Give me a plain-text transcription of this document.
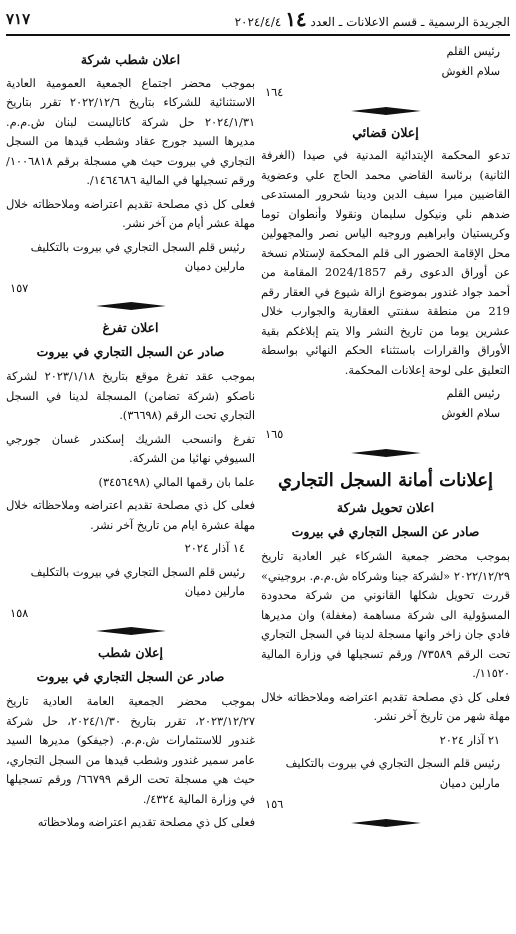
الجريدة الرسمية ـ قسم الاعلانات ـ العدد ١٤ ٢٠٢٤/٤/٤
٧١٧

رئيس القلم

سلام الغوش

١٦٤

إعلان قضائي

تدعو المحكمة الإبتدائية المدنية في صيدا (الغرفة الثانية) برئاسة القاضي محمد الحاج علي وعضوية القاضيين ميرا سيف الدين ودينا شحرور المستدعى ضدهم نلي ونيكول سليمان ونقولا وأنطوان توما وكريستيان وابراهيم وروجيه الياس نصر والمجهولين محل الإقامة الحضور الى قلم المحكمة لإستلام نسخة عن أوراق الدعوى رقم 2024/1857 المقامة من أحمد جواد غندور بموضوع ازالة شيوع في العقار رقم 219 من منطقة سفنتي العقارية والجوارب خلال عشرين يوما من تاريخ النشر والا يتم إبلاغكم بقية الأوراق والقرارات باستثناء الحكم النهائي بواسطة التعليق على لوحة إعلانات المحكمة.

رئيس القلم

سلام الغوش

١٦٥

إعلانات أمانة السجل التجاري
اعلان تحويل شركة
صادر عن السجل التجاري في بيروت

بموجب محضر جمعية الشركاء غير العادية تاريخ ٢٠٢٢/١٢/٢٩ «لشركة جينا وشركاه ش.م.م. بروجيني» قررت تحويل شكلها القانوني من شركة محدودة المسؤولية الى شركة مساهمة (مغفلة) وان مديرها فادي جان زاخر وانها مسجلة لدينا في السجل التجاري تحت الرقم ٧٣٥٨٩/ ورقم تسجيلها في وزارة المالية ١١٥٢٠/.

فعلى كل ذي مصلحة تقديم اعتراضه وملاحظاته خلال مهلة شهر من تاريخ آخر نشر.

٢١ آذار ٢٠٢٤

رئيس قلم السجل التجاري في بيروت بالتكليف

مارلين دميان

١٥٦

اعلان شطب شركة

بموجب محضر اجتماع الجمعية العمومية العادية الاستثنائية للشركاء بتاريخ ٢٠٢٢/١٢/٦ تقرر بتاريخ ٢٠٢٤/١/٣١ حل شركة كاتاليست لبنان ش.م.م. مديرها السيد جورج عقاد وشطب قيدها من السجل التجاري في بيروت حيث هي مسجلة برقم ١٠٠٦٨١٨/ ورقم تسجيلها في المالية ١٤٦٤٦٨٦/.

فعلى كل ذي مصلحة تقديم اعتراضه وملاحظاته خلال مهلة عشر أيام من آخر نشر.

رئيس قلم السجل التجاري في بيروت بالتكليف

مارلين دميان

١٥٧

اعلان تفرغ
صادر عن السجل التجاري في بيروت

بموجب عقد تفرغ موقع بتاريخ ٢٠٢٣/١/١٨ لشركة ناصكو (شركة تضامن) المسجلة لدينا في السجل التجاري تحت الرقم (٣٦٦٩٨).

تفرغ وانسحب الشريك إسكندر غسان جورجي السيوفي نهائيا من الشركة.

علما بان رقمها المالي (٣٤٥٦٤٩٨)

فعلى كل ذي مصلحة تقديم اعتراضه وملاحظاته خلال مهلة عشرة ايام من تاريخ آخر نشر.

١٤ آذار ٢٠٢٤

رئيس قلم السجل التجاري في بيروت بالتكليف

مارلين دميان

١٥٨

إعلان شطب
صادر عن السجل التجاري في بيروت

بموجب محضر الجمعية العامة العادية تاريخ ٢٠٢٣/١٢/٢٧، تقرر بتاريخ ٢٠٢٤/١/٣٠، حل شركة غندور للاستثمارات ش.م.م. (جيفكو) مديرها السيد عامر سمير غندور وشطب قيدها من السجل التجاري، حيث هي مسجلة تحت الرقم ٦٦٧٩٩/ ورقم تسجيلها في وزارة المالية ٤٣٢٤/.

فعلى كل ذي مصلحة تقديم اعتراضه وملاحظاته
